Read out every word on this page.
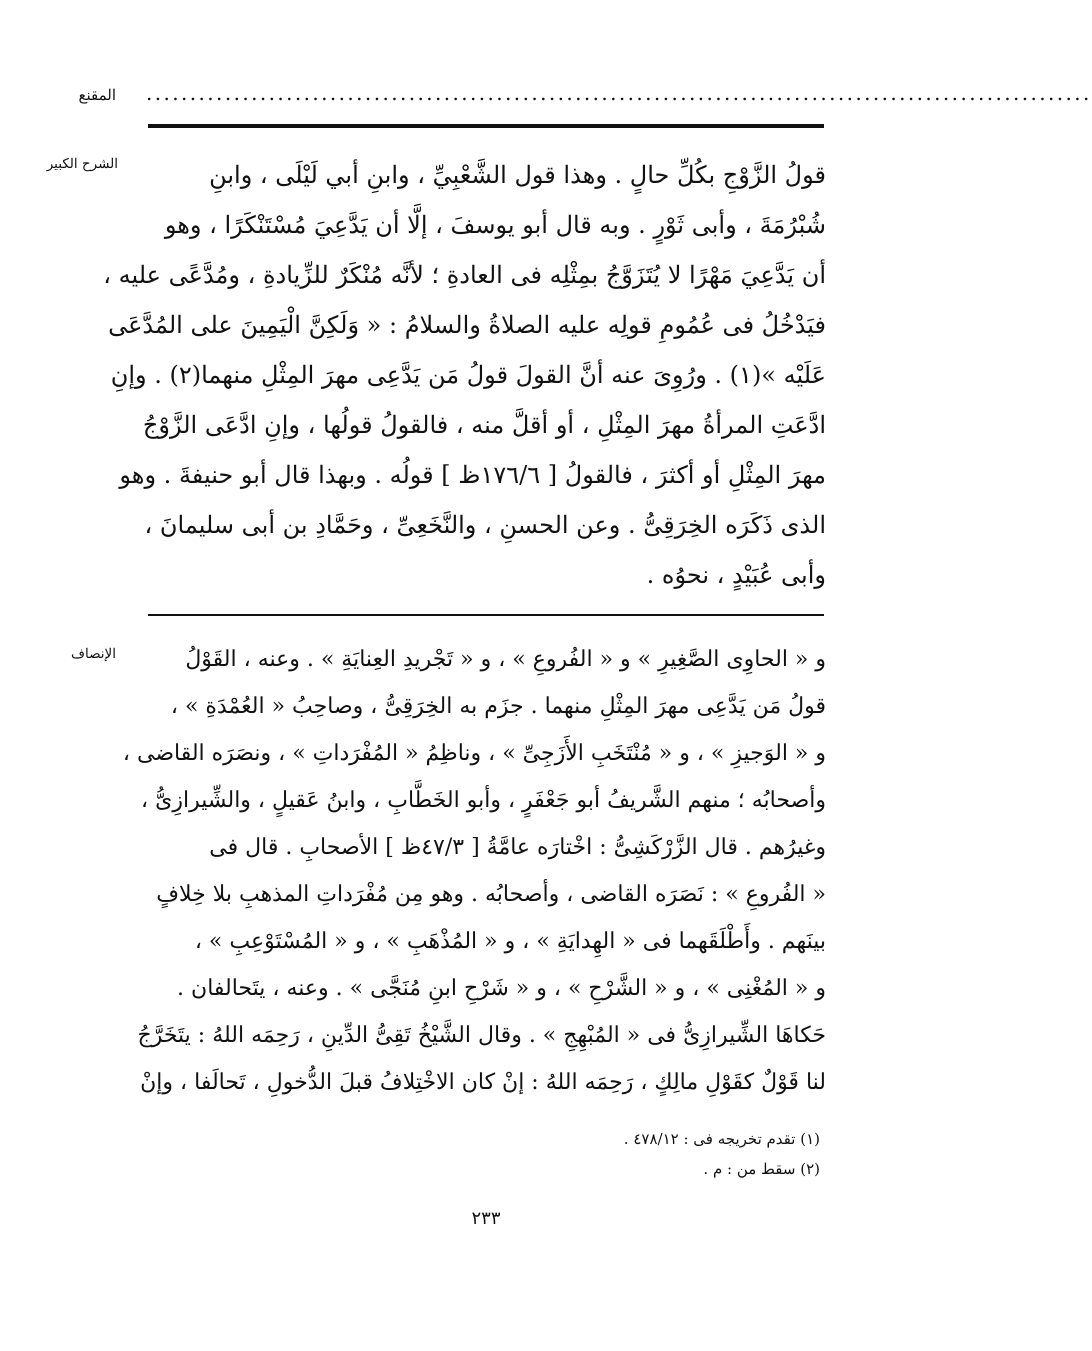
المقنع ............................................................................................................
الشرح الكبير	قولُ الزَّوْجِ بكُلِّ حالٍ . وهذا قول الشَّعْبِيِّ ، وابنِ أبي لَيْلَى ، وابنِ
شُبْرُمَةَ ، وأبى ثَوْرٍ . وبه قال أبو يوسفَ ، إلَّا أن يَدَّعِيَ مُسْتَنْكَرًا ، وهو
أن يَدَّعِيَ مَهْرًا لا يُتَزَوَّجُ بمِثْلِه فى العادةِ ؛ لأنَّه مُنْكَرٌ للزِّيادةِ ، ومُدَّعًى عليه ،
فيَدْخُلُ فى عُمُومِ قولِه عليه الصلاةُ والسلامُ : « وَلَكِنَّ الْيَمِينَ على المُدَّعَى
عَلَيْه »(١) . ورُوِىَ عنه أنَّ القولَ قولُ مَن يَدَّعِى مهرَ المِثْلِ منهما(٢) . وإنِ
ادَّعَتِ المرأةُ مهرَ المِثْلِ ، أو أقلَّ منه ، فالقولُ قولُها ، وإنِ ادَّعَى الزَّوْجُ
مهرَ المِثْلِ أو أكثرَ ، فالقولُ [ ١٧٦/٦ظ ] قولُه . وبهذا قال أبو حنيفةَ . وهو
الذى ذَكَرَه الخِرَقِىُّ . وعن الحسنِ ، والنَّخَعِىِّ ، وحَمَّادِ بن أبى سليمانَ ،
وأبى عُبَيْدٍ ، نحوُه .
الإنصاف	و « الحاوِى الصَّغِيرِ » و « الفُروعِ » ، و « تَجْريدِ العِنايَةِ » . وعنه ، القَوْلُ
قولُ مَن يَدَّعِى مهرَ المِثْلِ منهما . جزَم به الخِرَقِىُّ ، وصاحِبُ « العُمْدَةِ » ،
و « الوَجيزِ » ، و « مُنْتَخَبِ الأَزَجِىِّ » ، وناظِمُ « المُفْرَداتِ » ، ونصَرَه القاضى ،
وأصحابُه ؛ منهم الشَّريفُ أبو جَعْفَرٍ ، وأبو الخَطَّابِ ، وابنُ عَقيلٍ ، والشِّيرازِىُّ ،
وغيرُهم . قال الزَّرْكَشِىُّ : اخْتارَه عامَّةُ [ ٤٧/٣ظ ] الأصحابِ . قال فى
« الفُروعِ » : نَصَرَه القاضى ، وأصحابُه . وهو مِن مُفْرَداتِ المذهبِ بلا خِلافٍ
بينَهم . وأَطْلَقَهما فى « الهِدايَةِ » ، و « المُذْهَبِ » ، و « المُسْتَوْعِبِ » ،
و « المُغْنِى » ، و « الشَّرْحِ » ، و « شَرْحِ ابنِ مُنَجَّى » . وعنه ، يتَحالفان .
حَكاهَا الشِّيرازِىُّ فى « المُبْهِجِ » . وقال الشَّيْخُ تَقِىُّ الدِّينِ ، رَحِمَه اللهُ : يتَخَرَّجُ
لنا قَوْلٌ كقَوْلِ مالِكٍ ، رَحِمَه اللهُ : إنْ كان الاخْتِلافُ قبلَ الدُّخولِ ، تَحالَفا ، وإنْ
(١) تقدم تخريجه فى : ٤٧٨/١٢ .
(٢) سقط من : م .
٢٣٣
